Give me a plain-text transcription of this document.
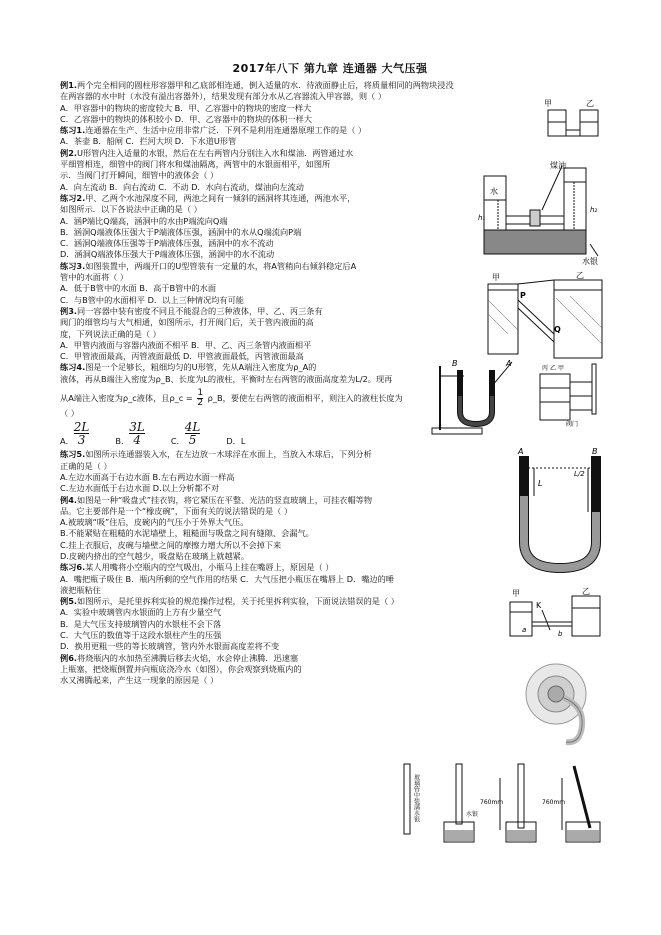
2017年八下 第九章 连通器 大气压强
例1.两个完全相同的圆柱形容器甲和乙底部相连通，倒入适量的水．待液面静止后，将质量相同的两物块浸没
在两容器的水中时（水没有溢出容器外），结果发现有部分水从乙容器流入甲容器，则（ ）
A．甲容器中的物块的密度较大 B．甲、乙容器中的物块的密度一样大
C．乙容器中的物块的体积较小 D．甲、乙容器中的物块的体积一样大
练习1.连通器在生产、生活中应用非常广泛．下列不是利用连通器原理工作的是（ ）
A．茶壶 B．船闸 C．拦河大坝 D．下水道U形管
例2.U形管内注入适量的水银，然后在左右两管内分别注入水和煤油．两管通过水
平细管相连，细管中的阀门将水和煤油隔离，两管中的水银面相平，如图所
示．当阀门打开瞬间，细管中的液体会（ ）
A．向左流动 B．向右流动 C．不动 D．水向右流动，煤油向左流动
练习2.甲、乙两个水池深度不同，两池之间有一倾斜的涵洞将其连通，两池水平，
如图所示．以下各说法中正确的是（ ）
A．涵P端比Q端高，涵洞中的水由P端流向Q端
B．涵洞Q端液体压强大于P端液体压强，涵洞中的水从Q端流向P端
C．涵洞Q端液体压强等于P端液体压强，涵洞中的水不流动
D．涵洞Q端液体压强大于P端液体压强，涵洞中的水不流动
练习3.如图装置中，两端开口的U型管装有一定量的水，将A管稍向右倾斜稳定后A
管中的水面将（ ）
A．低于B管中的水面 B．高于B管中的水面
C．与B管中的水面相平 D．以上三种情况均有可能
例3.同一容器中装有密度不同且不能混合的三种液体，甲、乙、丙三条有
阀门的细管均与大气相通，如图所示，打开阀门后，关于管内液面的高
度，下列说法正确的是（ ）
A．甲管内液面与容器内液面不相平 B．甲、乙、丙三条管内液面相平
C．甲管液面最高，丙管液面最低 D．甲管液面最低，丙管液面最高
练习4.图是一个足够长，粗细均匀的U形管，先从A端注入密度为ρ_A的
液体，再从B端注入密度为ρ_B、长度为L的液柱，平衡时左右两管的液面高度差为L/2。现再
从A端注入密度为ρ_c液体，且ρ_c = $\frac{1}{2}$ ρ_B，要使左右两管的液面相平，则注入的液柱长度为
（ ）
A．$\frac{2L}{3}$	B．$\frac{3L}{4}$	C．$\frac{4L}{5}$	D．L
练习5.如图所示连通器装入水，在左边放一木球浮在水面上，当放入木球后，下列分析
正确的是（ ）
A.左边水面高于右边水面 B.左右两边水面一样高
C.左边水面低于右边水面 D.以上分析都不对
例4.如图是一种“吸盘式”挂衣钩，将它紧压在平整、光洁的竖直玻璃上，可挂衣帽等物
品。它主要部件是一个“橡皮碗”，下面有关的说法错误的是（ ）
A.被玻璃“吸”住后，皮碗内的气压小于外界大气压。
B.不能紧贴在粗糙的水泥墙壁上，粗糙面与吸盘之间有缝隙、会漏气。
C.挂上衣服后，皮碗与墙壁之间的摩擦力增大所以不会掉下来
D.皮碗内挤出的空气越少，吸盘贴在玻璃上就越紧。
练习6.某人用嘴将小空瓶内的空气吸出，小瓶马上挂在嘴唇上，原因是（ ）
A．嘴把瓶子吸住 B．瓶内所剩的空气作用的结果 C．大气压把小瓶压在嘴唇上 D．嘴边的唾
液把瓶粘住
例5.如图所示，是托里拆利实验的规范操作过程，关于托里拆利实验，下面说法错误的是（ ）
A．实验中玻璃管内水银面的上方有少量空气
B．是大气压支持玻璃管内的水银柱不会下落
C．大气压的数值等于这段水银柱产生的压强
D．换用更粗一些的等长玻璃管，管内外水银面高度差将不变
例6.将烧瓶内的水加热至沸腾后移去火焰，水会停止沸腾．迅速塞
上瓶塞，把烧瓶倒置并向瓶底浇冷水（如图），你会观察到烧瓶内的
水又沸腾起来，产生这一现象的原因是（ ）
甲	乙
煤油
水
水银
h₁
h₂
甲	乙
P
Q
B	A
丙 乙 甲
阀门
A	B
L
L/2
甲	乙
K
a	b
玻璃管中装满水银	水银
760mm	760mm
